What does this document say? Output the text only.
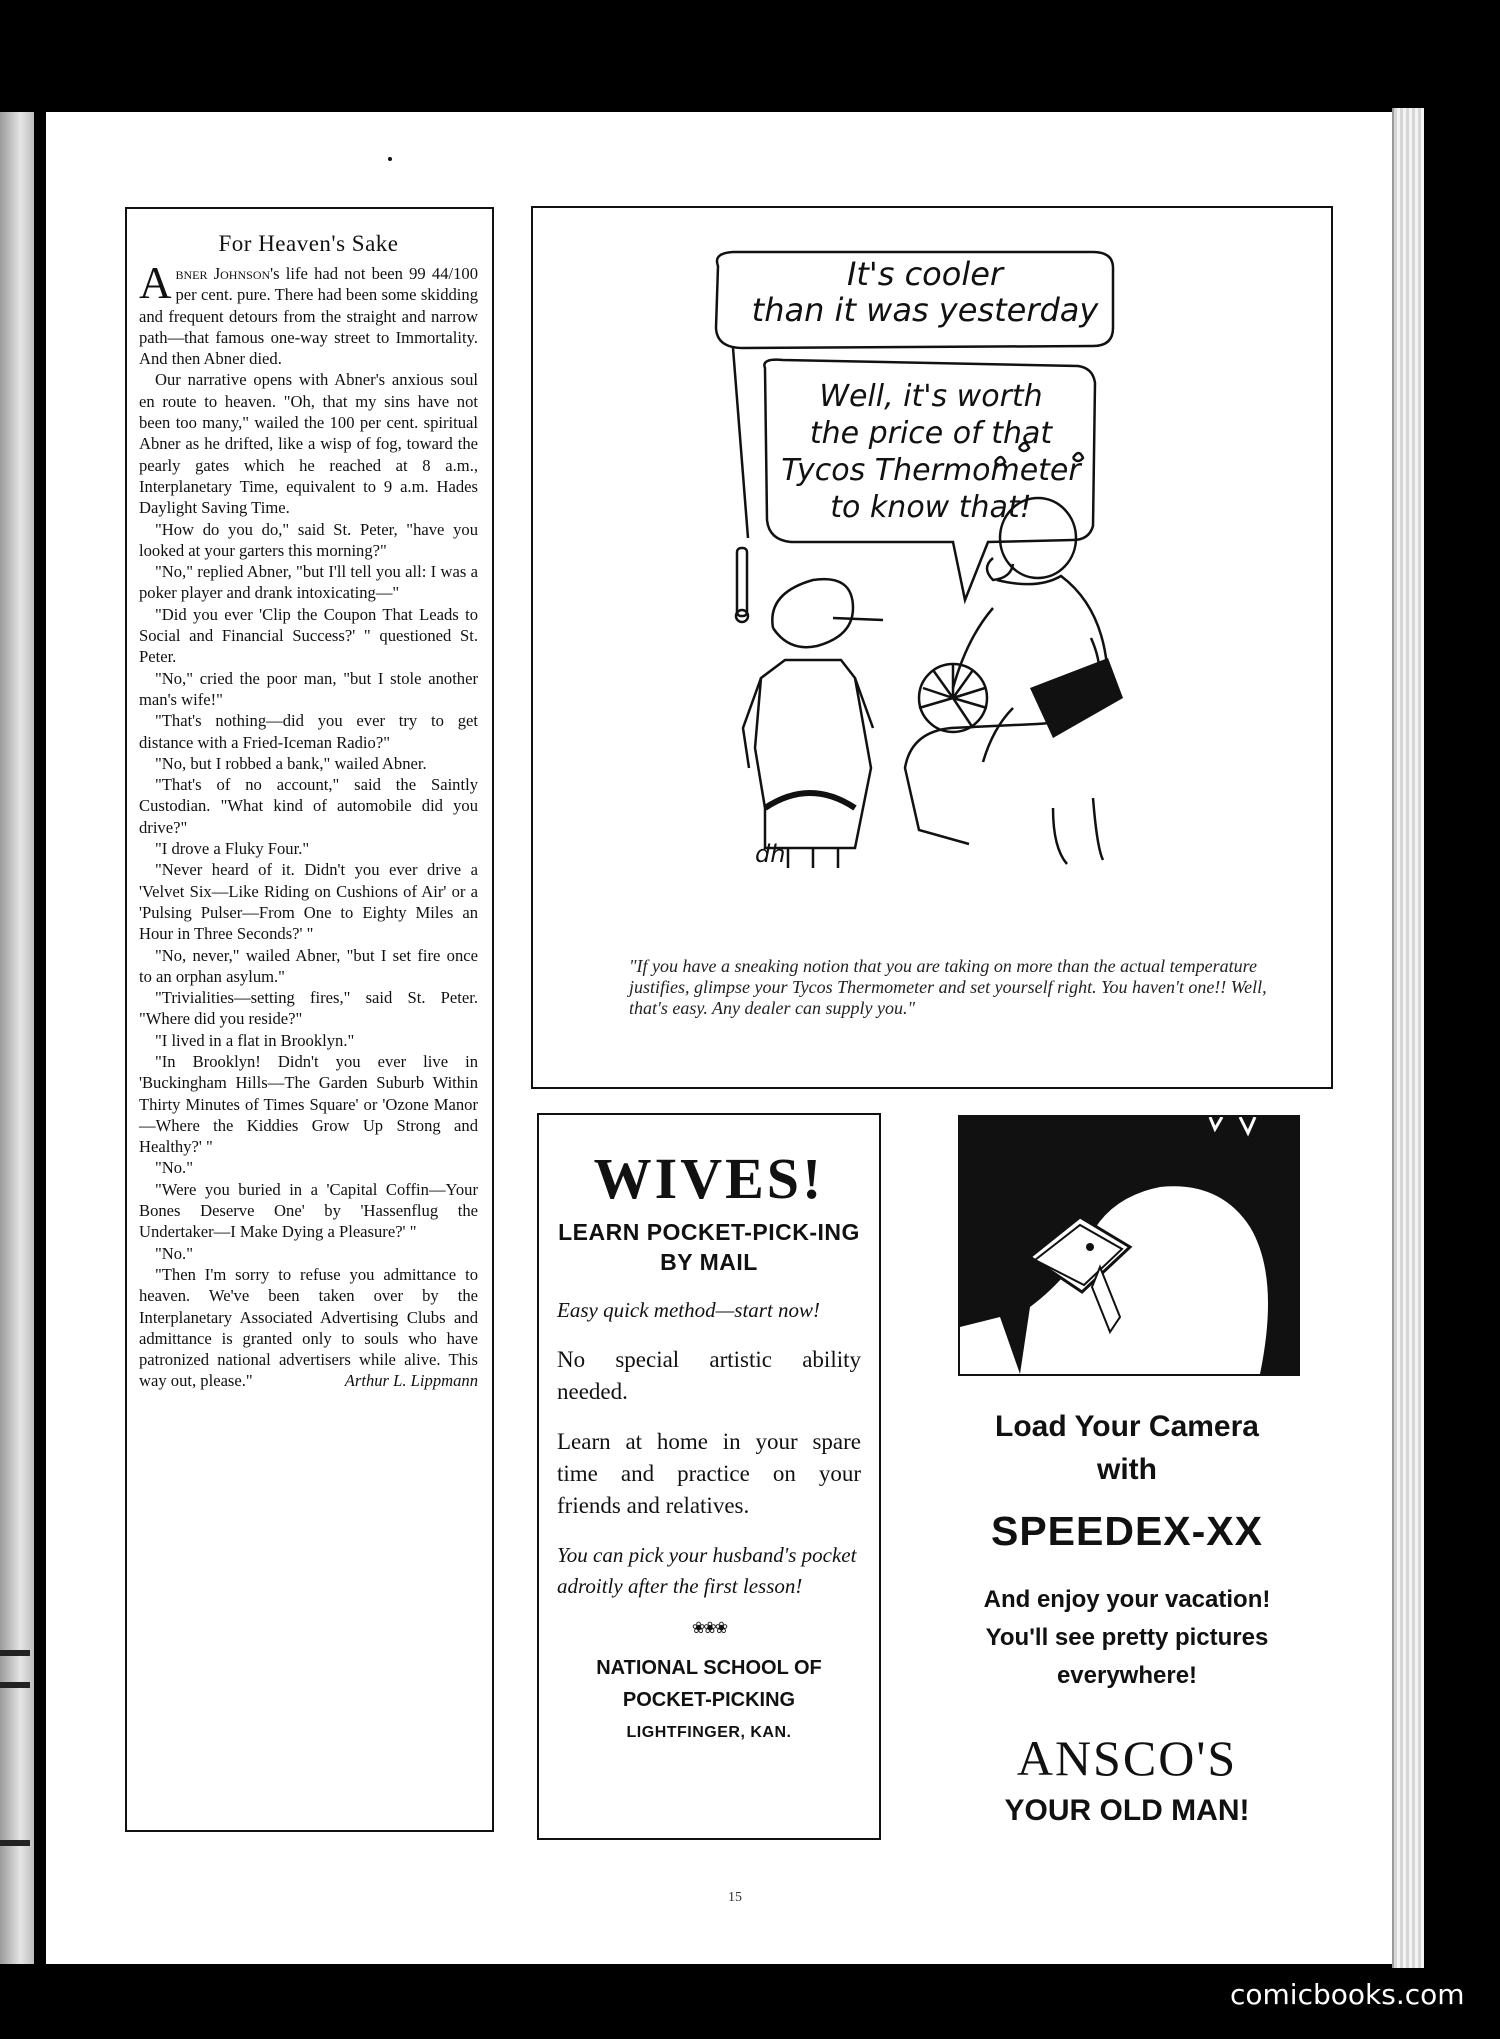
For Heaven's Sake

Abner Johnson's life had not been 99 44/100 per cent. pure. There had been some skidding and frequent detours from the straight and narrow path—that famous one-way street to Immortality. And then Abner died.

Our narrative opens with Abner's anxious soul en route to heaven. "Oh, that my sins have not been too many," wailed the 100 per cent. spiritual Abner as he drifted, like a wisp of fog, toward the pearly gates which he reached at 8 a.m., Interplanetary Time, equivalent to 9 a.m. Hades Daylight Saving Time.

"How do you do," said St. Peter, "have you looked at your garters this morning?"

"No," replied Abner, "but I'll tell you all: I was a poker player and drank intoxicating—"

"Did you ever 'Clip the Coupon That Leads to Social and Financial Success?' " questioned St. Peter.

"No," cried the poor man, "but I stole another man's wife!"

"That's nothing—did you ever try to get distance with a Fried-Iceman Radio?"

"No, but I robbed a bank," wailed Abner.

"That's of no account," said the Saintly Custodian. "What kind of automobile did you drive?"

"I drove a Fluky Four."

"Never heard of it. Didn't you ever drive a 'Velvet Six—Like Riding on Cushions of Air' or a 'Pulsing Pulser—From One to Eighty Miles an Hour in Three Seconds?' "

"No, never," wailed Abner, "but I set fire once to an orphan asylum."

"Trivialities—setting fires," said St. Peter. "Where did you reside?"

"I lived in a flat in Brooklyn."

"In Brooklyn! Didn't you ever live in 'Buckingham Hills—The Garden Suburb Within Thirty Minutes of Times Square' or 'Ozone Manor—Where the Kiddies Grow Up Strong and Healthy?' "

"No."

"Were you buried in a 'Capital Coffin—Your Bones Deserve One' by 'Hassenflug the Undertaker—I Make Dying a Pleasure?' "

"No."

"Then I'm sorry to refuse you admittance to heaven. We've been taken over by the Interplanetary Associated Advertising Clubs and admittance is granted only to souls who have patronized national advertisers while alive. This way out, please."	Arthur L. Lippmann

It's cooler
than it was yesterday
Well, it's worth
the price of that
Tycos Thermometer
to know that!
dh
"If you have a sneaking notion that you are taking on more than the actual temperature justifies, glimpse your Tycos Thermometer and set yourself right. You haven't one!! Well, that's easy. Any dealer can supply you."
WIVES!
LEARN POCKET-PICK-ING BY MAIL
Easy quick method—start now!
No special artistic ability needed.
Learn at home in your spare time and practice on your friends and relatives.
You can pick your husband's pocket adroitly after the first lesson!
❀❀❀
NATIONAL SCHOOL OF POCKET-PICKING
LIGHTFINGER, KAN.
Load Your Camera
with
SPEEDEX-XX
And enjoy your vacation!
You'll see pretty pictures
everywhere!
ANSCO'S
YOUR OLD MAN!
15
comicbooks.com
